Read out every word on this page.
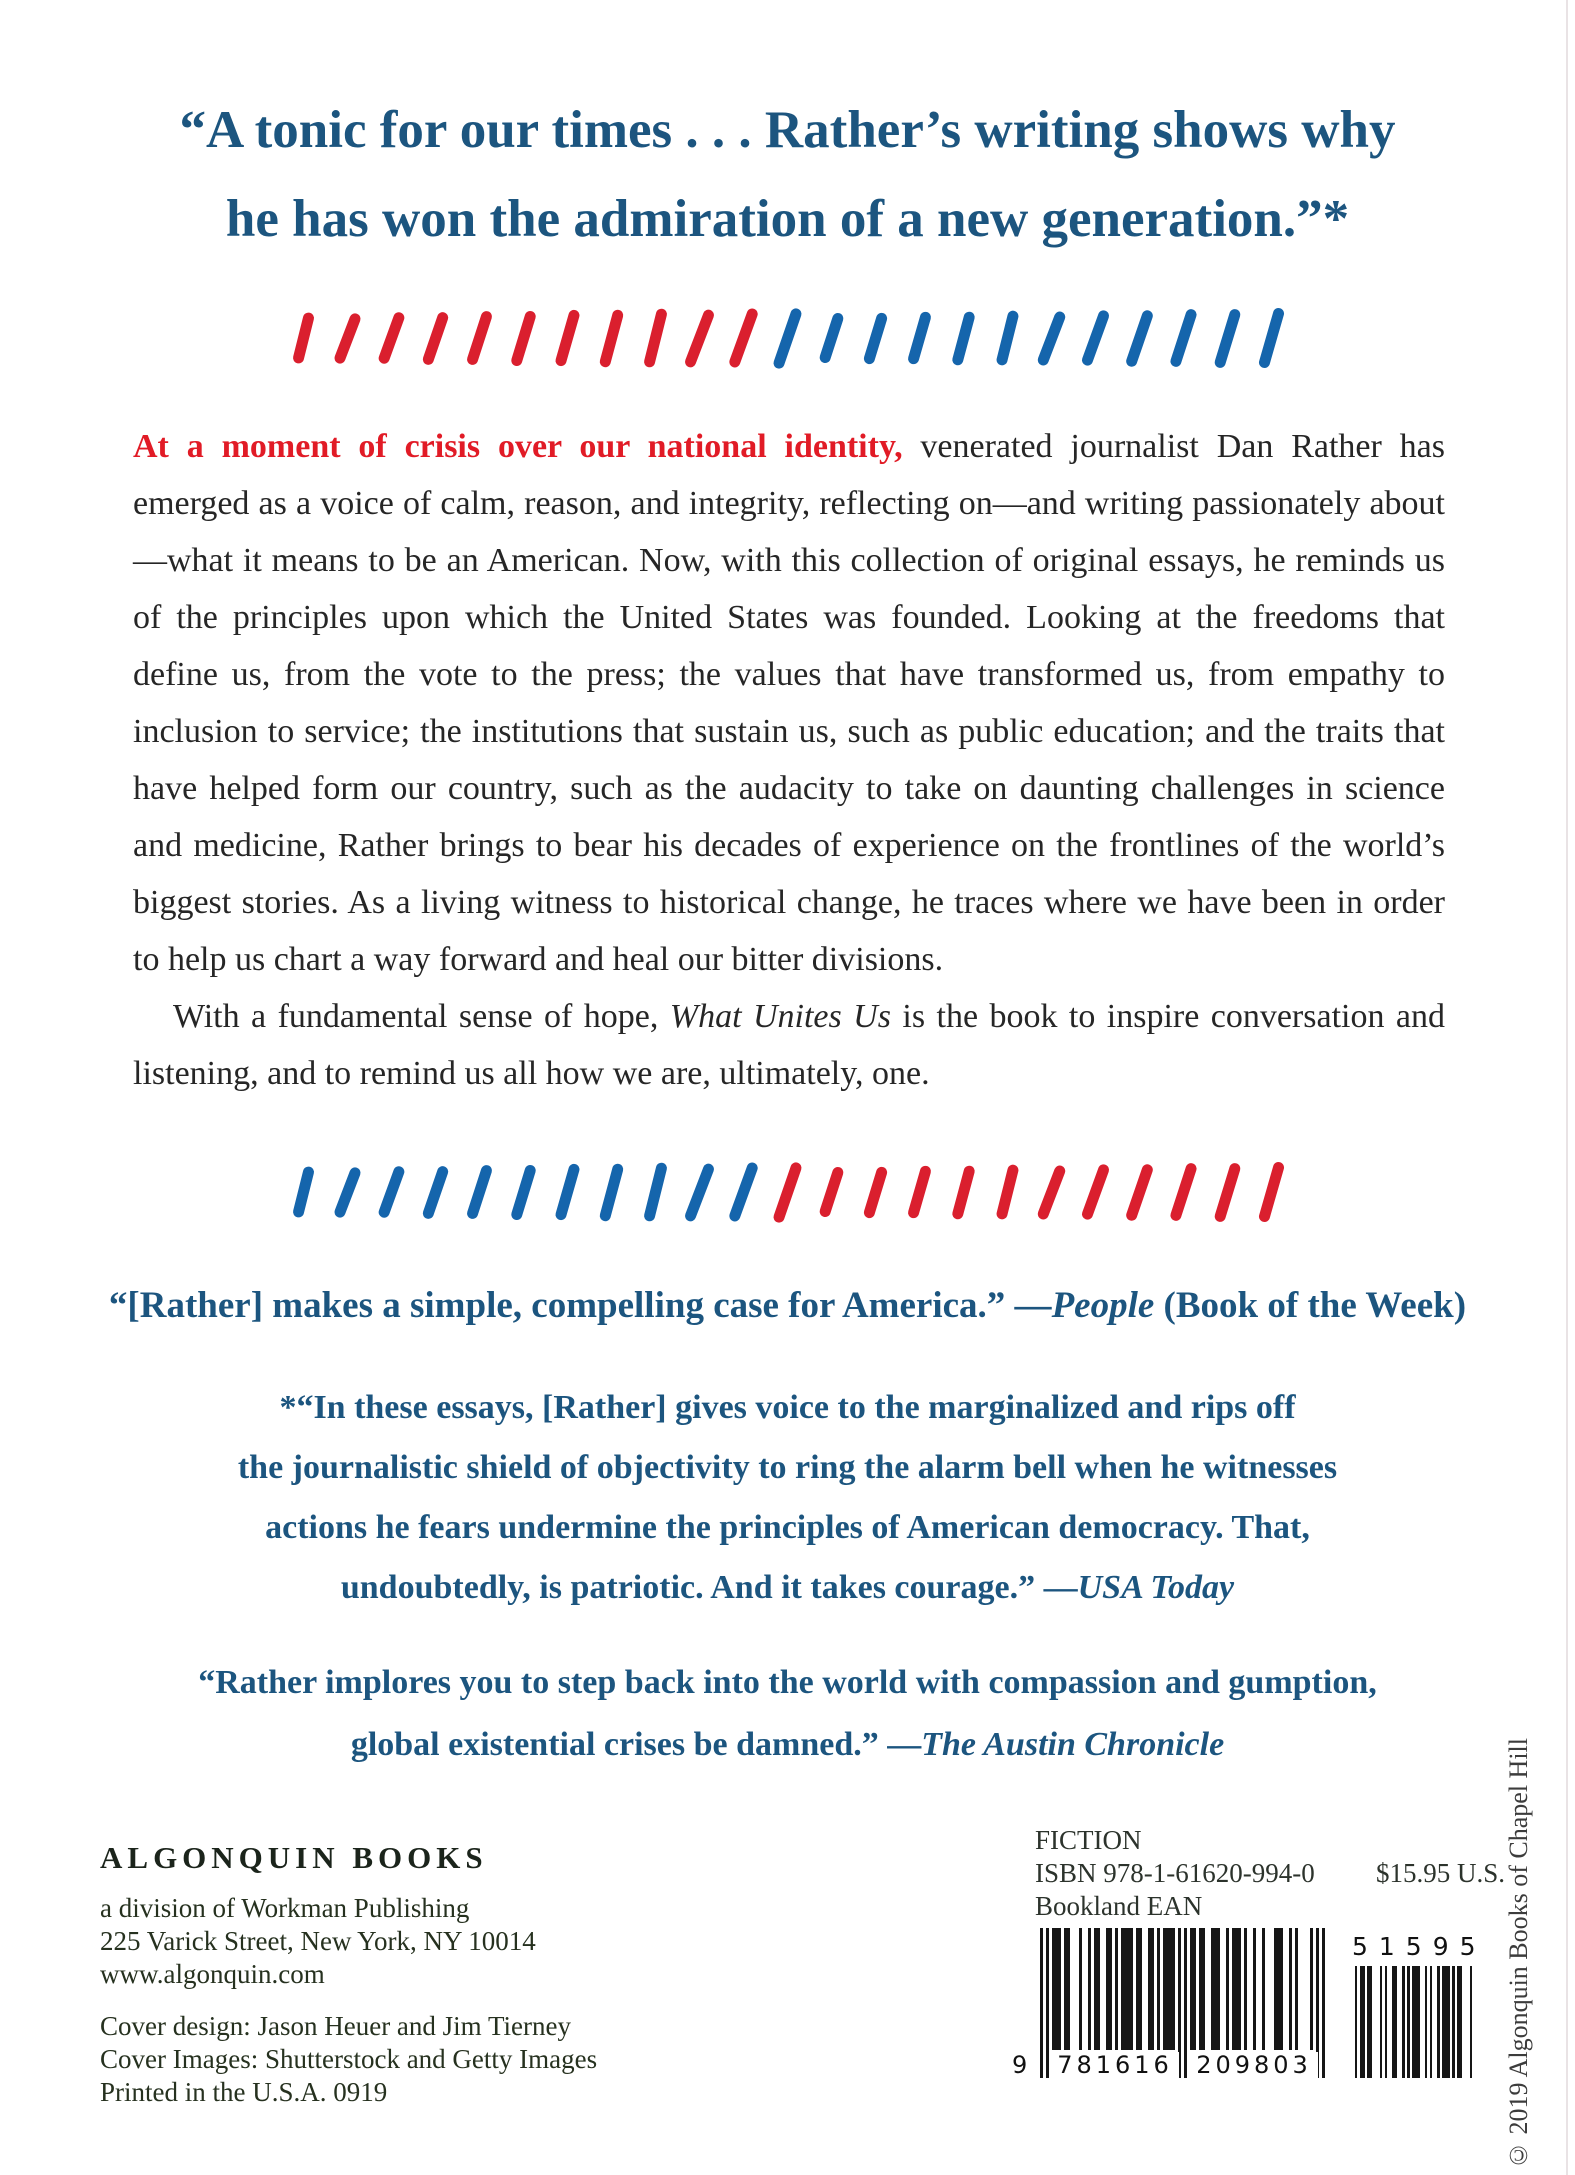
“A tonic for our times . . . Rather’s writing shows why
he has won the admiration of a new generation.”*

At a moment of crisis over our national identity, venerated journalist Dan Rather has emerged as a voice of calm, reason, and integrity, reflecting on—and writing passionately about—what it means to be an American. Now, with this collection of original essays, he reminds us of the principles upon which the United States was founded. Looking at the freedoms that define us, from the vote to the press; the values that have transformed us, from empathy to inclusion to service; the institutions that sustain us, such as public education; and the traits that have helped form our country, such as the audacity to take on daunting challenges in science and medicine, Rather brings to bear his decades of experience on the frontlines of the world’s biggest stories. As a living witness to historical change, he traces where we have been in order to help us chart a way forward and heal our bitter divisions.

With a fundamental sense of hope, What Unites Us is the book to inspire conversation and listening, and to remind us all how we are, ultimately, one.

“[Rather] makes a simple, compelling case for America.” —People (Book of the Week)
*“In these essays, [Rather] gives voice to the marginalized and rips off
the journalistic shield of objectivity to ring the alarm bell when he witnesses
actions he fears undermine the principles of American democracy. That,
undoubtedly, is patriotic. And it takes courage.” —USA Today
“Rather implores you to step back into the world with compassion and gumption,
global existential crises be damned.” —The Austin Chronicle
ALGONQUIN BOOKS
a division of Workman Publishing
225 Varick Street, New York, NY 10014
www.algonquin.com
Cover design: Jason Heuer and Jim Tierney
Cover Images: Shutterstock and Getty Images
Printed in the U.S.A. 0919
FICTION
ISBN 978-1-61620-994-0
Bookland EAN
$15.95 U.S.
9 781616 209803
51595 © 2019 Algonquin Books of Chapel Hill
